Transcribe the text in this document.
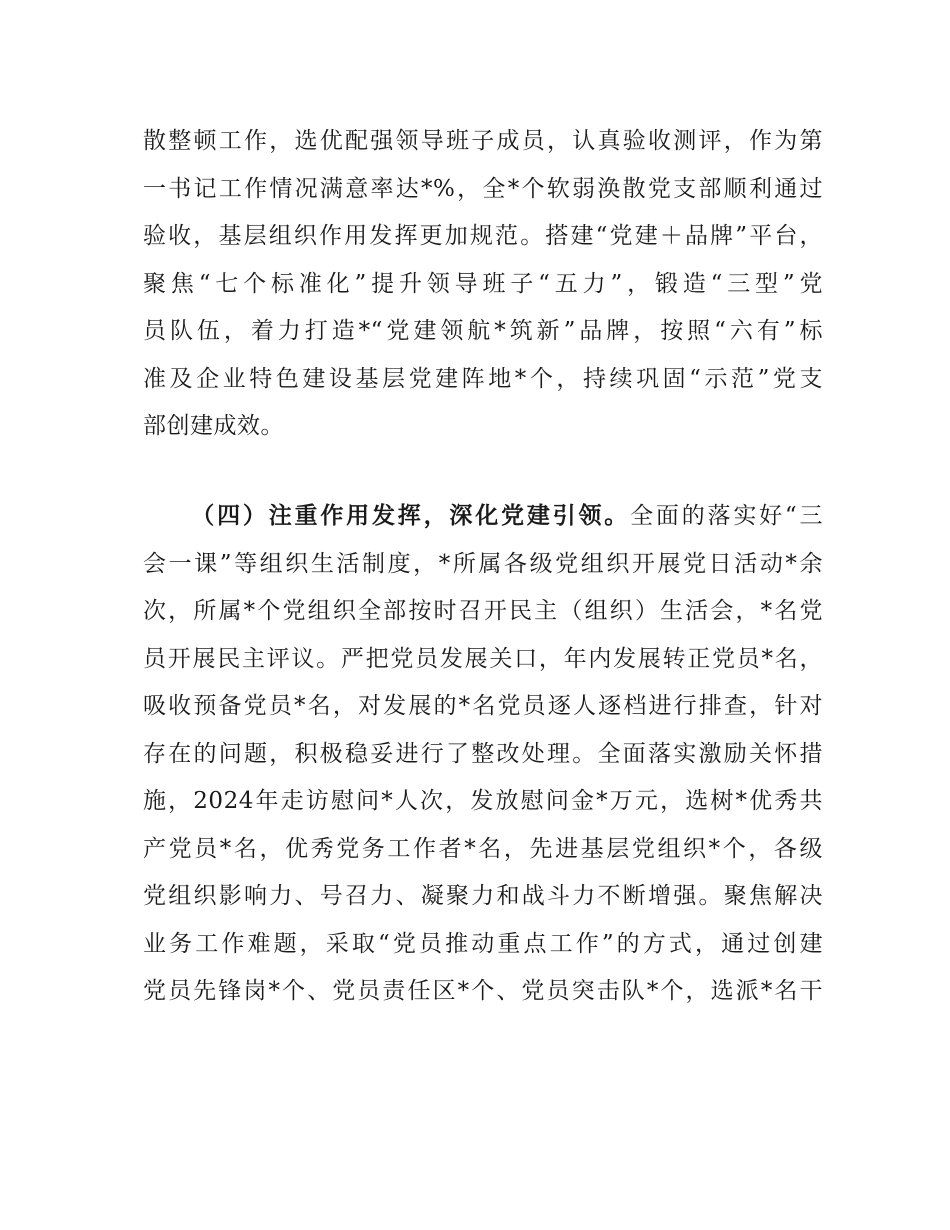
散整顿工作，选优配强领导班子成员，认真验收测评，作为第
一书记工作情况满意率达*%，全*个软弱涣散党支部顺利通过
验收，基层组织作用发挥更加规范。搭建“党建＋品牌”平台，
聚焦“七个标准化”提升领导班子“五力”，锻造“三型”党
员队伍，着力打造*“党建领航*筑新”品牌，按照“六有”标
准及企业特色建设基层党建阵地*个，持续巩固“示范”党支
部创建成效。
（四）注重作用发挥，深化党建引领。全面的落实好“三
会一课”等组织生活制度，*所属各级党组织开展党日活动*余
次，所属*个党组织全部按时召开民主（组织）生活会，*名党
员开展民主评议。严把党员发展关口，年内发展转正党员*名，
吸收预备党员*名，对发展的*名党员逐人逐档进行排查，针对
存在的问题，积极稳妥进行了整改处理。全面落实激励关怀措
施，2024年走访慰问*人次，发放慰问金*万元，选树*优秀共
产党员*名，优秀党务工作者*名，先进基层党组织*个，各级
党组织影响力、号召力、凝聚力和战斗力不断增强。聚焦解决
业务工作难题，采取“党员推动重点工作”的方式，通过创建
党员先锋岗*个、党员责任区*个、党员突击队*个，选派*名干
